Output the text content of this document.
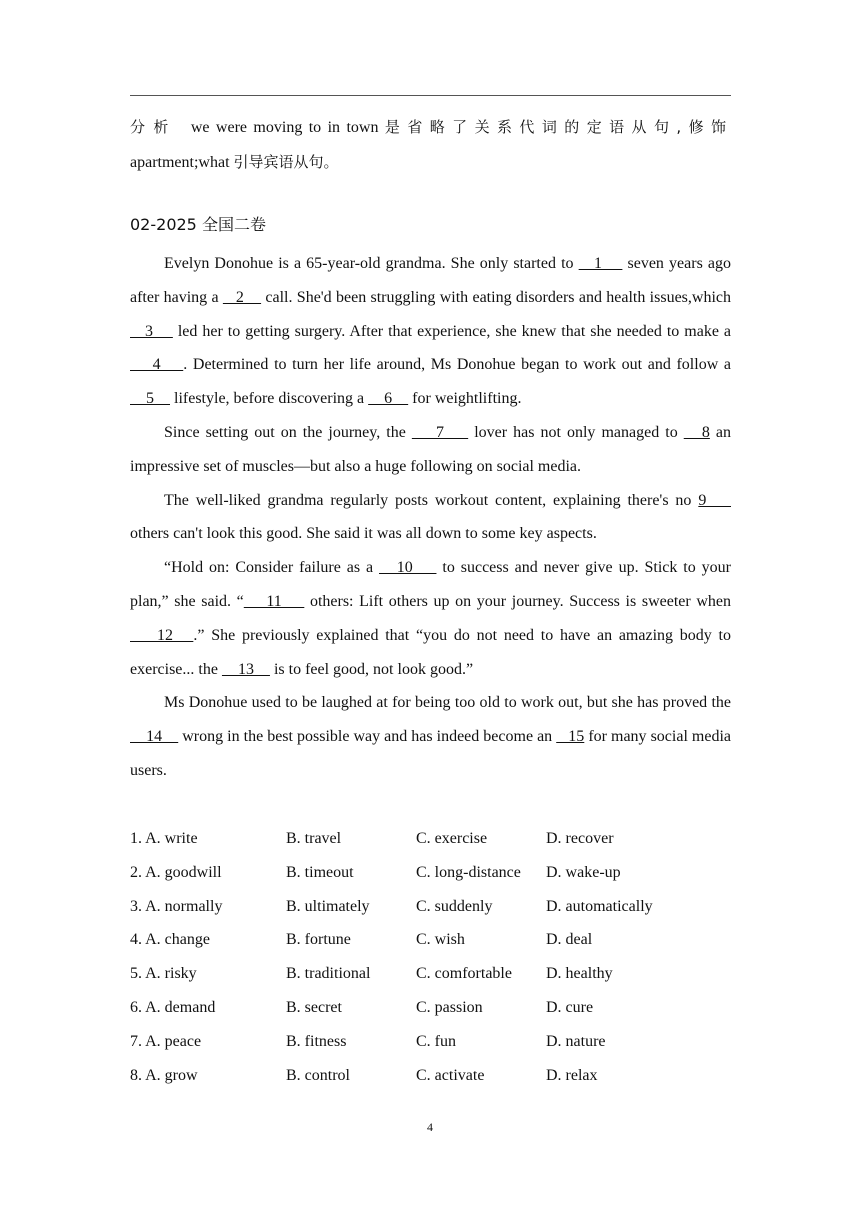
分析 we were moving to in town 是省略了关系代词的定语从句,修饰 apartment;what 引导宾语从句。
02-2025 全国二卷

Evelyn Donohue is a 65-year-old grandma. She only started to    1     seven years ago after having a    2     call. She'd been struggling with eating disorders and health issues,which    3     led her to getting surgery. After that experience, she knew that she needed to make a     4    . Determined to turn her life around, Ms Donohue began to work out and follow a     5     lifestyle, before discovering a     6     for weightlifting.

Since setting out on the journey, the     7     lover has not only managed to    8 an impressive set of muscles—but also a huge following on social media.

The well-liked grandma regularly posts workout content, explaining there's no 9     others can't look this good. She said it was all down to some key aspects.

“Hold on: Consider failure as a    10     to success and never give up. Stick to your plan,” she said. “    11     others: Lift others up on your journey. Success is sweeter when     12   .” She previously explained that “you do not need to have an amazing body to exercise... the     13     is to feel good, not look good.”

Ms Donohue used to be laughed at for being too old to work out, but she has proved the     14     wrong in the best possible way and has indeed become an    15 for many social media users.

1. A. write	B. travel	C. exercise	D. recover
2. A. goodwill	B. timeout	C. long-distance	D. wake-up
3. A. normally	B. ultimately	C. suddenly	D. automatically
4. A. change	B. fortune	C. wish	D. deal
5. A. risky	B. traditional	C. comfortable	D. healthy
6. A. demand	B. secret	C. passion	D. cure
7. A. peace	B. fitness	C. fun	D. nature
8. A. grow	B. control	C. activate	D. relax
4
